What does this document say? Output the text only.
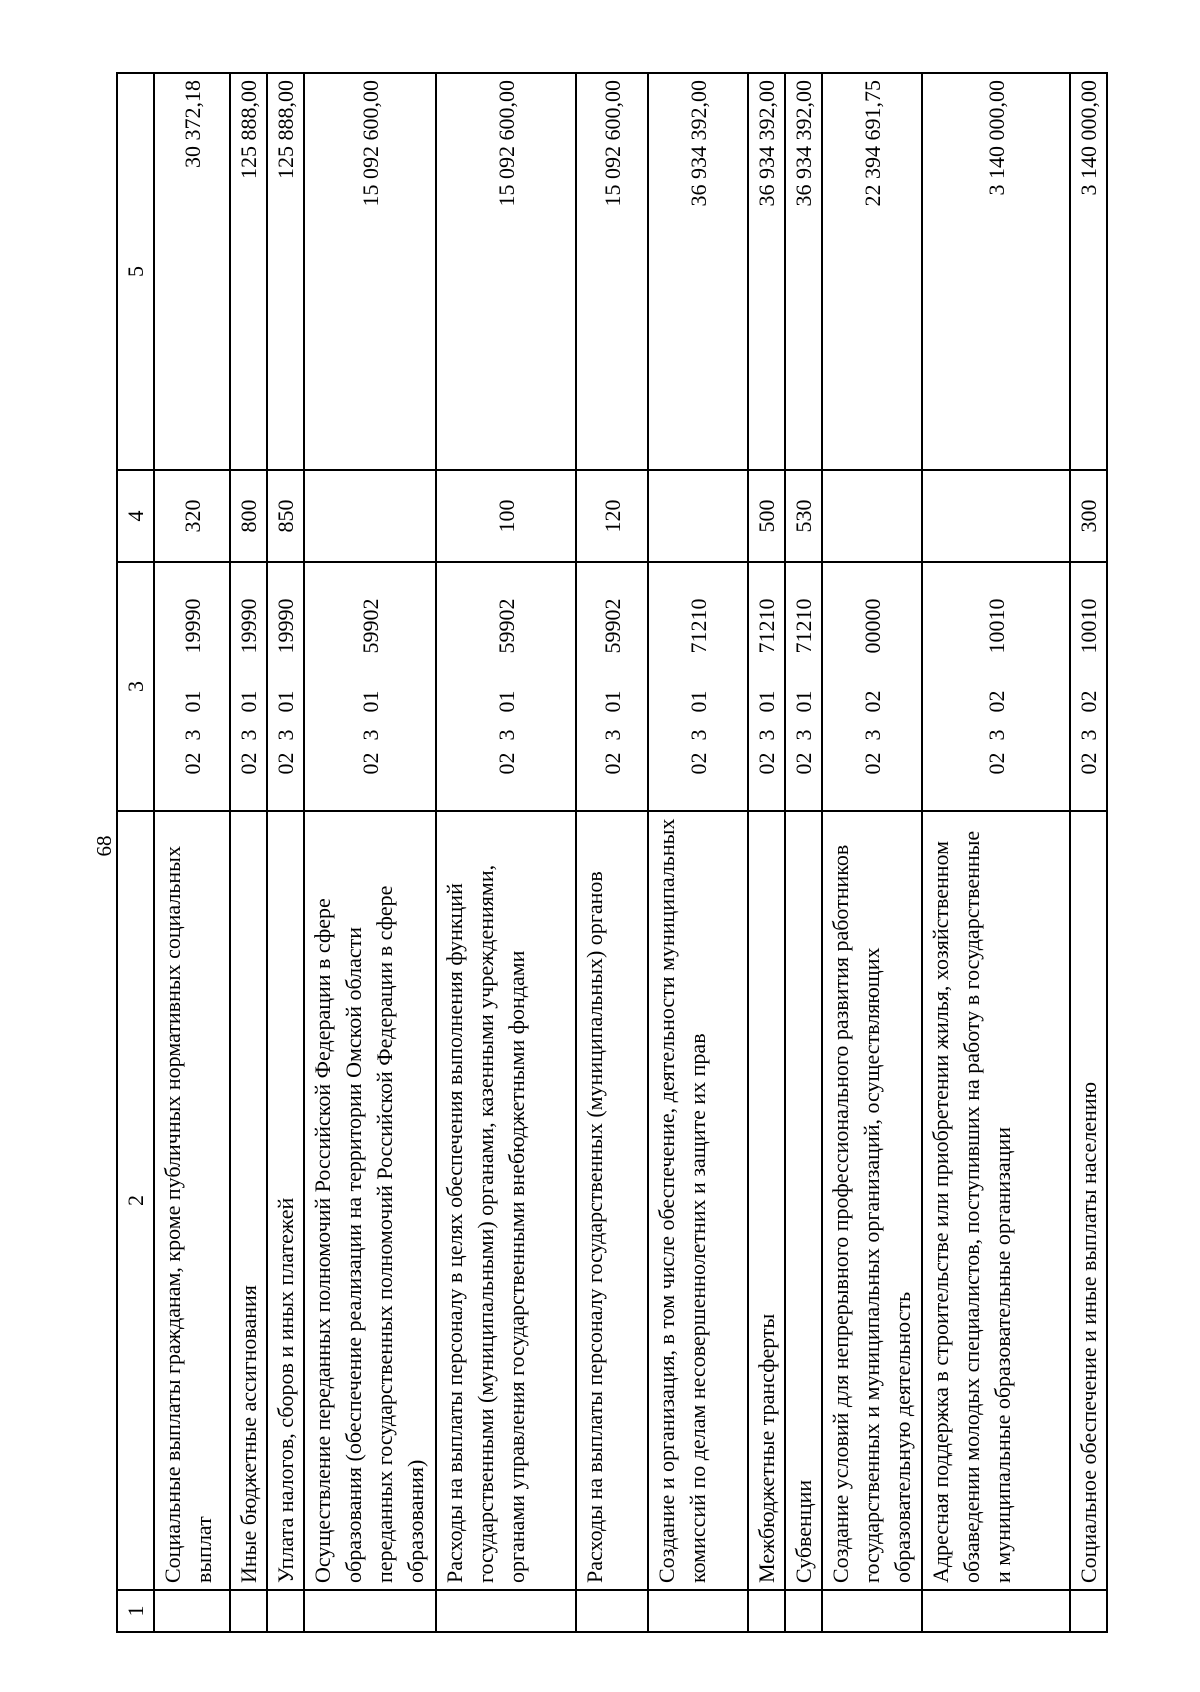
68
1	2	3	4	5
	Социальные выплаты гражданам, кроме публичных нормативных социальных выплат	0230119990	320	30 372,18
	Иные бюджетные ассигнования	0230119990	800	125 888,00
	Уплата налогов, сборов и иных платежей	0230119990	850	125 888,00
	Осуществление переданных полномочий Российской Федерации в сфере образования (обеспечение реализации на территории Омской области переданных государственных полномочий Российской Федерации в сфере образования)	0230159902		15 092 600,00
	Расходы на выплаты персоналу в целях обеспечения выполнения функций государственными (муниципальными) органами, казенными учреждениями, органами управления государственными внебюджетными фондами	0230159902	100	15 092 600,00
	Расходы на выплаты персоналу государственных (муниципальных) органов	0230159902	120	15 092 600,00
	Создание и организация, в том числе обеспечение, деятельности муниципальных комиссий по делам несовершеннолетних и защите их прав	0230171210		36 934 392,00
	Межбюджетные трансферты	0230171210	500	36 934 392,00
	Субвенции	0230171210	530	36 934 392,00
	Создание условий для непрерывного профессионального развития работников государственных и муниципальных организаций, осуществляющих образовательную деятельность	0230200000		22 394 691,75
	Адресная поддержка в строительстве или приобретении жилья, хозяйственном обзаведении молодых специалистов, поступивших на работу в государственные и муниципальные образовательные организации	0230210010		3 140 000,00
	Социальное обеспечение и иные выплаты населению	0230210010	300	3 140 000,00
